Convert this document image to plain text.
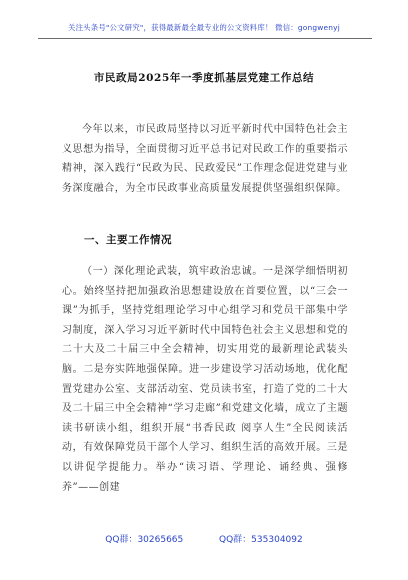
关注头条号"公文研究"，获得最新最全最专业的公文资料库！ 微信：gongwenyj
市民政局2025年一季度抓基层党建工作总结

今年以来，市民政局坚持以习近平新时代中国特色社会主义思想为指导，全面贯彻习近平总书记对民政工作的重要指示精神，深入践行“民政为民、民政爱民”工作理念促进党建与业务深度融合，为全市民政事业高质量发展提供坚强组织保障。

一、主要工作情况

（一）深化理论武装，筑牢政治忠诚。一是深学细悟明初心。始终坚持把加强政治思想建设放在首要位置，以“三会一课”为抓手，坚持党组理论学习中心组学习和党员干部集中学习制度，深入学习习近平新时代中国特色社会主义思想和党的二十大及二十届三中全会精神，切实用党的最新理论武装头脑。二是夯实阵地强保障。进一步建设学习活动场地，优化配置党建办公室、支部活动室、党员读书室，打造了党的二十大及二十届三中全会精神“学习走廊”和党建文化墙，成立了主题读书研读小组，组织开展“书香民政 阅享人生”全民阅读活动，有效保障党员干部个人学习、组织生活的高效开展。三是以讲促学提能力。举办“读习语、学理论、诵经典、强修养”——创建

QQ群：30265665	QQ群：535304092
